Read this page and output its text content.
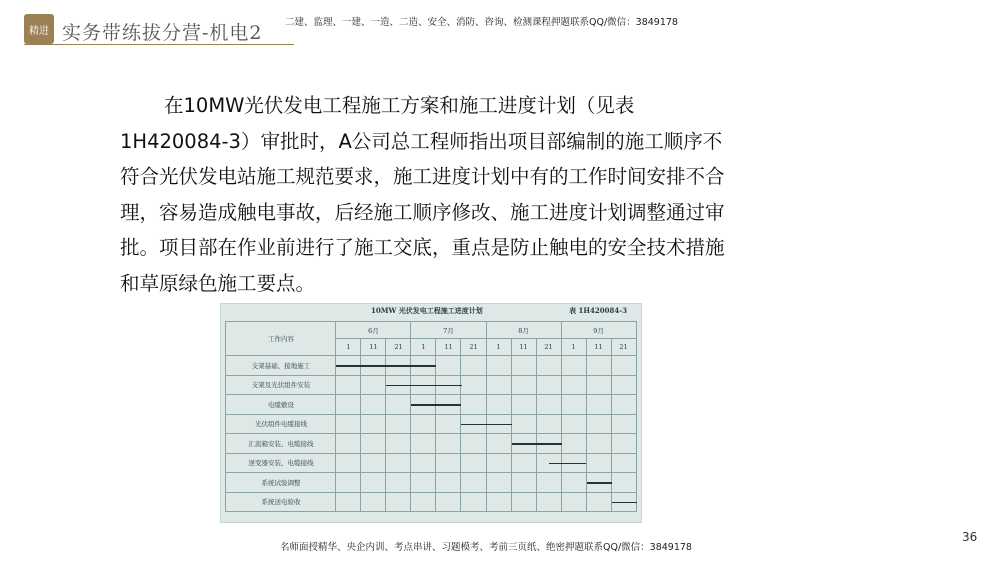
精进 实务带练拔分营-机电2 二建、监理、一建、一造、二造、安全、消防、咨询、检测课程押题联系QQ/微信：3849178
在10MW光伏发电工程施工方案和施工进度计划（见表
1H420084-3）审批时，A公司总工程师指出项目部编制的施工顺序不
符合光伏发电站施工规范要求，施工进度计划中有的工作时间安排不合
理，容易造成触电事故，后经施工顺序修改、施工进度计划调整通过审
批。项目部在作业前进行了施工交底，重点是防止触电的安全技术措施
和草原绿色施工要点。
10MW 光伏发电工程施工进度计划	表 1H420084-3
工作内容	6月			7月			8月			9月		
	1	11	21	1	11	21	1	11	21	1	11	21
支架基础、接地施工	

支架及光伏组件安装			

电缆敷设				

光伏组件电缆接线						

汇流箱安装、电缆接线								

逆变器安装、电缆接线									

系统试验调整											

系统送电验收												
36
名师面授精华、央企内训、考点串讲、习题模考、考前三页纸、绝密押题联系QQ/微信：3849178
